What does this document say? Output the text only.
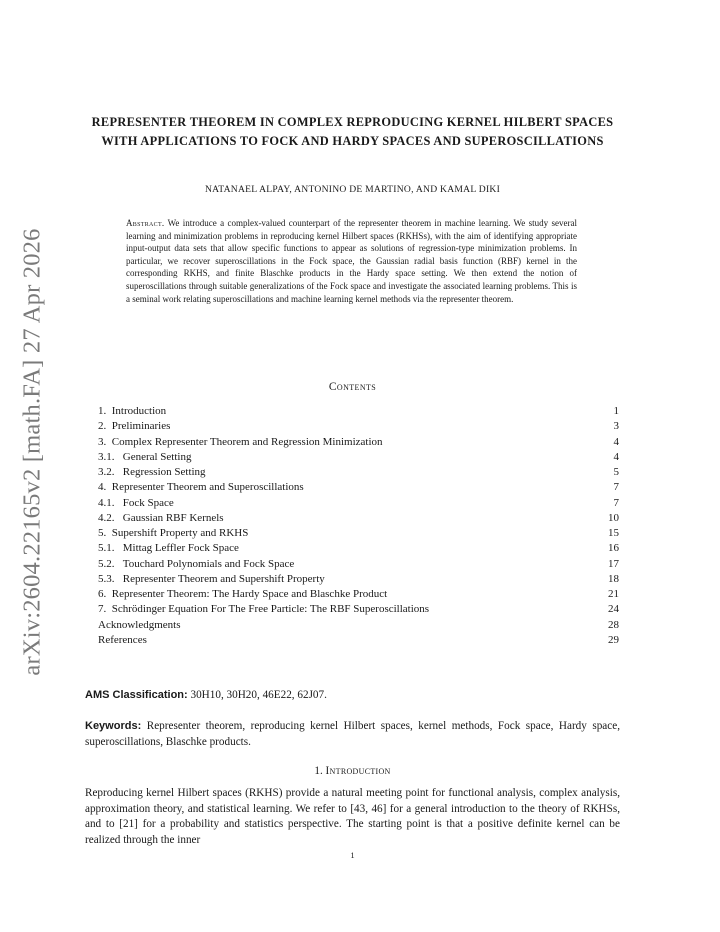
arXiv:2604.22165v2 [math.FA] 27 Apr 2026
REPRESENTER THEOREM IN COMPLEX REPRODUCING KERNEL HILBERT SPACES WITH APPLICATIONS TO FOCK AND HARDY SPACES AND SUPEROSCILLATIONS
NATANAEL ALPAY, ANTONINO DE MARTINO, AND KAMAL DIKI
Abstract. We introduce a complex-valued counterpart of the representer theorem in machine learning. We study several learning and minimization problems in reproducing kernel Hilbert spaces (RKHSs), with the aim of identifying appropriate input-output data sets that allow specific functions to appear as solutions of regression-type minimization problems. In particular, we recover superoscillations in the Fock space, the Gaussian radial basis function (RBF) kernel in the corresponding RKHS, and finite Blaschke products in the Hardy space setting. We then extend the notion of superoscillations through suitable generalizations of the Fock space and investigate the associated learning problems. This is a seminal work relating superoscillations and machine learning kernel methods via the representer theorem.
Contents
1. Introduction	1
2. Preliminaries	3
3. Complex Representer Theorem and Regression Minimization	4
3.1. General Setting	4
3.2. Regression Setting	5
4. Representer Theorem and Superoscillations	7
4.1. Fock Space	7
4.2. Gaussian RBF Kernels	10
5. Supershift Property and RKHS	15
5.1. Mittag Leffler Fock Space	16
5.2. Touchard Polynomials and Fock Space	17
5.3. Representer Theorem and Supershift Property	18
6. Representer Theorem: The Hardy Space and Blaschke Product	21
7. Schrödinger Equation For The Free Particle: The RBF Superoscillations	24
Acknowledgments	28
References	29
AMS Classification: 30H10, 30H20, 46E22, 62J07.
Keywords: Representer theorem, reproducing kernel Hilbert spaces, kernel methods, Fock space, Hardy space, superoscillations, Blaschke products.
1. Introduction
Reproducing kernel Hilbert spaces (RKHS) provide a natural meeting point for functional analysis, complex analysis, approximation theory, and statistical learning. We refer to [43, 46] for a general introduction to the theory of RKHSs, and to [21] for a probability and statistics perspective. The starting point is that a positive definite kernel can be realized through the inner
1
